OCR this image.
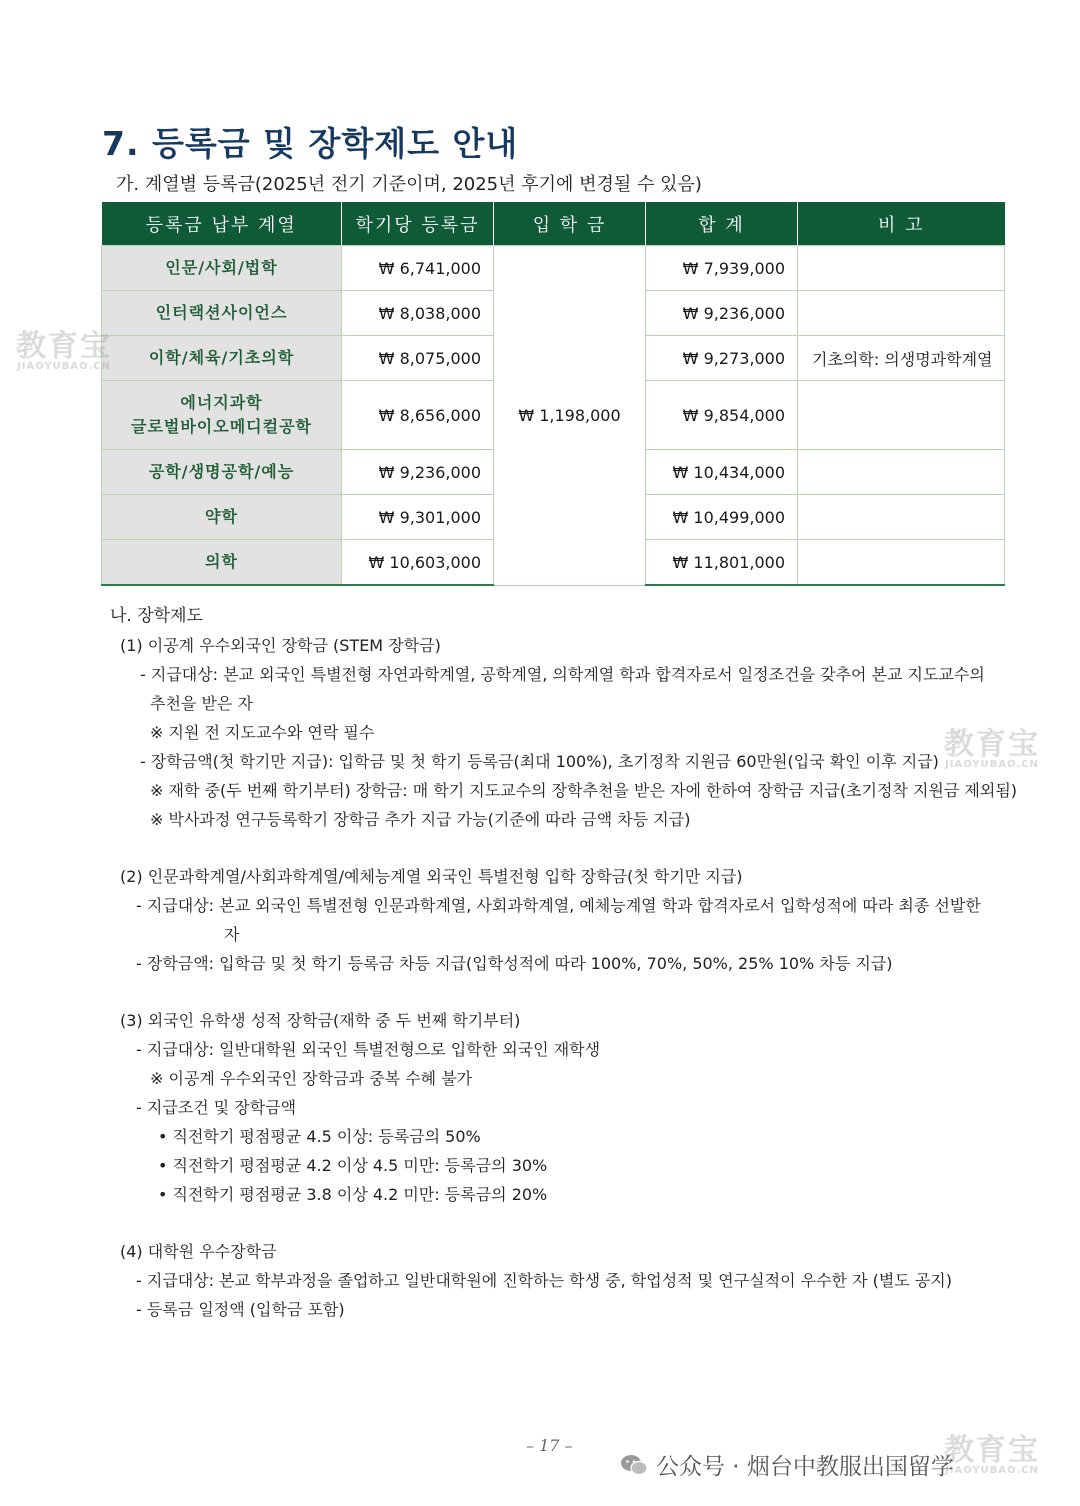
7. 등록금 및 장학제도 안내
가. 계열별 등록금(2025년 전기 기준이며, 2025년 후기에 변경될 수 있음)
등록금 납부 계열	학기당 등록금	입 학 금	합 계	비 고
인문/사회/법학	₩ 6,741,000	₩ 1,198,000	₩ 7,939,000	
인터랙션사이언스	₩ 8,038,000		₩ 9,236,000	
이학/체육/기초의학	₩ 8,075,000		₩ 9,273,000	기초의학: 의생명과학계열
에너지과학
글로벌바이오메디컬공학	₩ 8,656,000		₩ 9,854,000	
공학/생명공학/예능	₩ 9,236,000		₩ 10,434,000	
약학	₩ 9,301,000		₩ 10,499,000	
의학	₩ 10,603,000		₩ 11,801,000	
나. 장학제도
(1) 이공계 우수외국인 장학금 (STEM 장학금)
- 지급대상: 본교 외국인 특별전형 자연과학계열, 공학계열, 의학계열 학과 합격자로서 일정조건을 갖추어 본교 지도교수의
추천을 받은 자
※ 지원 전 지도교수와 연락 필수
- 장학금액(첫 학기만 지급): 입학금 및 첫 학기 등록금(최대 100%), 초기정착 지원금 60만원(입국 확인 이후 지급)
※ 재학 중(두 번째 학기부터) 장학금: 매 학기 지도교수의 장학추천을 받은 자에 한하여 장학금 지급(초기정착 지원금 제외됨)
※ 박사과정 연구등록학기 장학금 추가 지급 가능(기준에 따라 금액 차등 지급)
(2) 인문과학계열/사회과학계열/예체능계열 외국인 특별전형 입학 장학금(첫 학기만 지급)
- 지급대상: 본교 외국인 특별전형 인문과학계열, 사회과학계열, 예체능계열 학과 합격자로서 입학성적에 따라 최종 선발한
자
- 장학금액: 입학금 및 첫 학기 등록금 차등 지급(입학성적에 따라 100%, 70%, 50%, 25% 10% 차등 지급)
(3) 외국인 유학생 성적 장학금(재학 중 두 번째 학기부터)
- 지급대상: 일반대학원 외국인 특별전형으로 입학한 외국인 재학생
※ 이공계 우수외국인 장학금과 중복 수혜 불가
- 지급조건 및 장학금액
• 직전학기 평점평균 4.5 이상: 등록금의 50%
• 직전학기 평점평균 4.2 이상 4.5 미만: 등록금의 30%
• 직전학기 평점평균 3.8 이상 4.2 미만: 등록금의 20%
(4) 대학원 우수장학금
- 지급대상: 본교 학부과정을 졸업하고 일반대학원에 진학하는 학생 중, 학업성적 및 연구실적이 우수한 자 (별도 공지)
- 등록금 일정액 (입학금 포함)
– 17 –
公众号 · 烟台中教服出国留学
教育宝
JIAOYUBAO.CN
教育宝
JIAOYUBAO.CN
教育宝
JIAOYUBAO.CN
